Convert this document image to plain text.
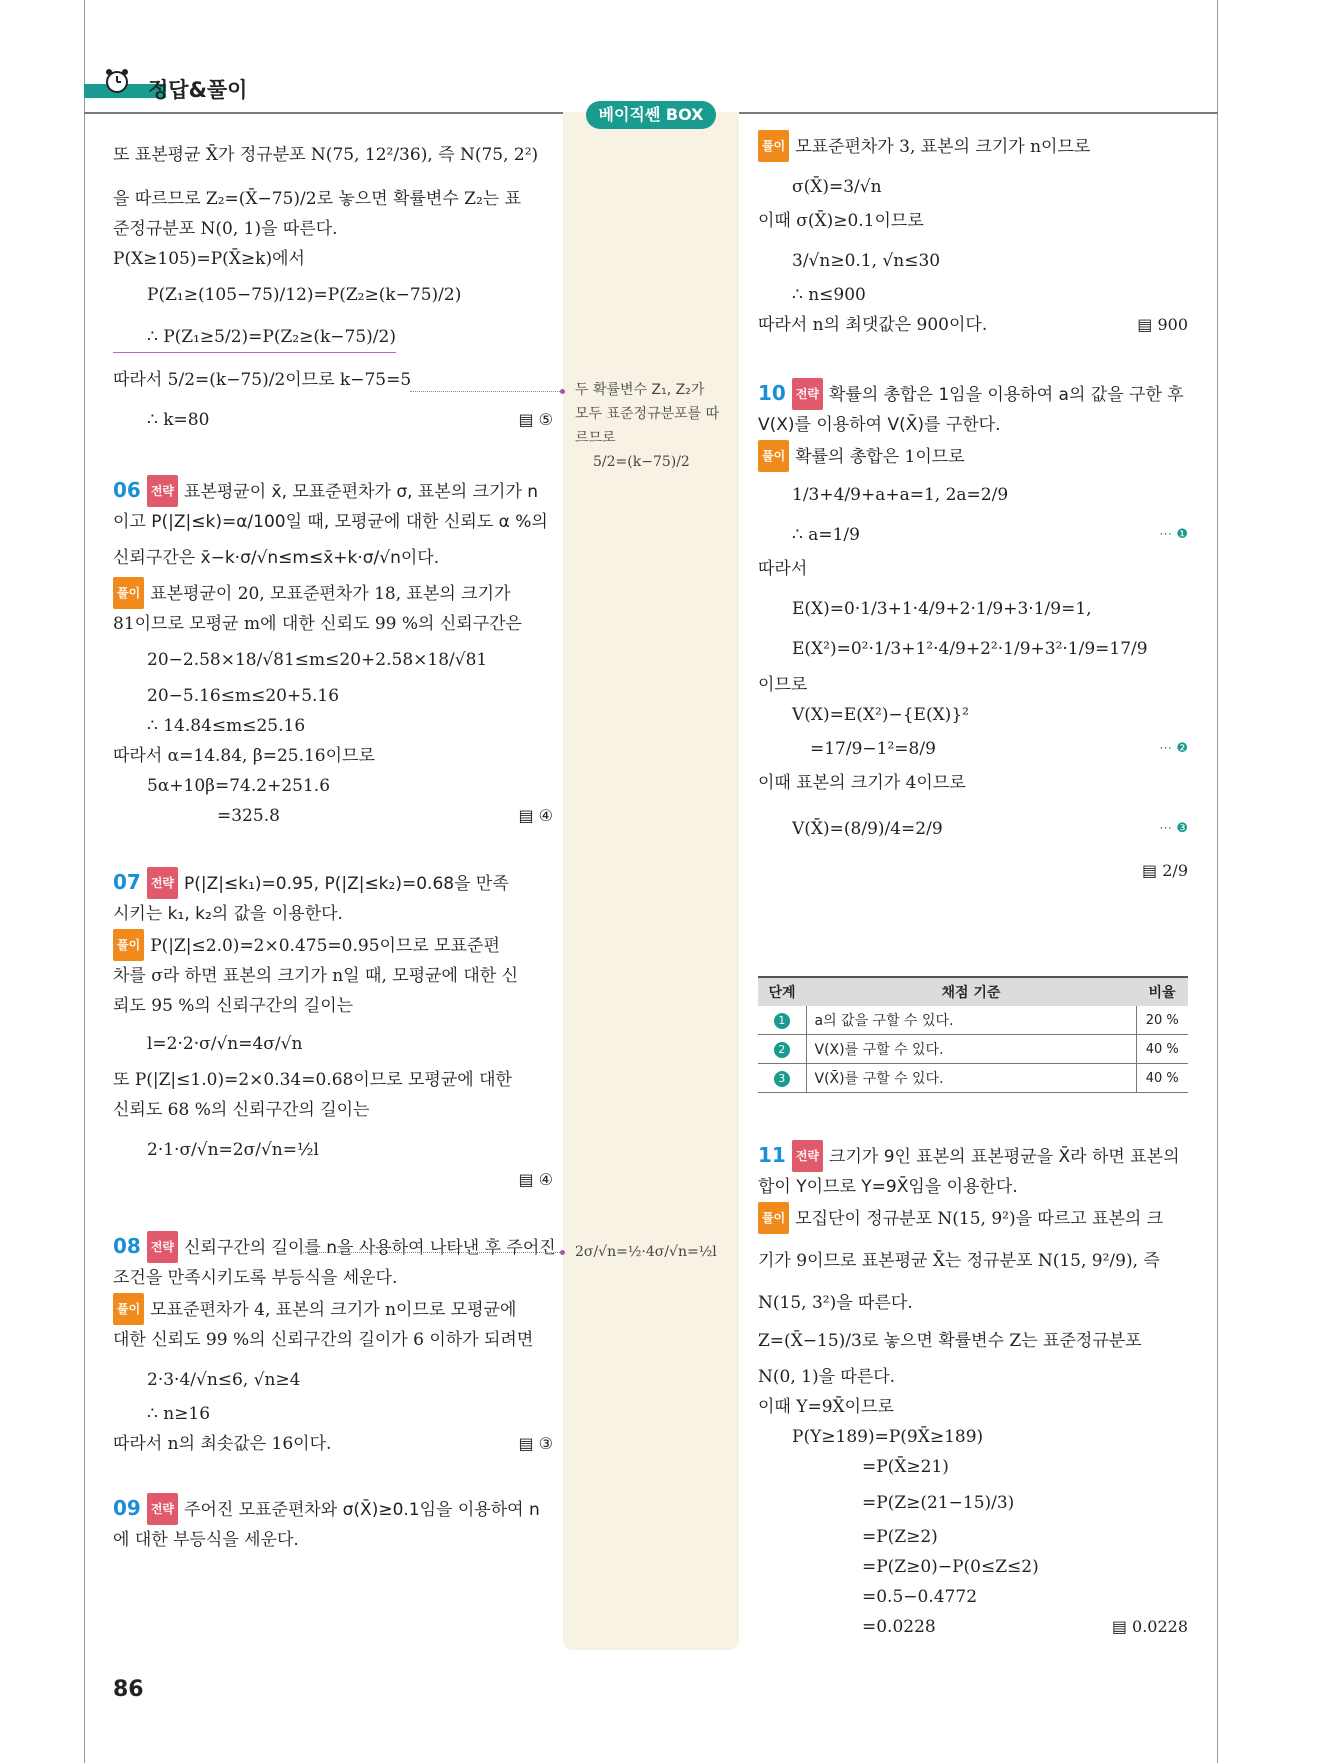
정답&풀이
베이직쎈 BOX

또 표본평균 X̄가 정규분포 N(75, 12²/36), 즉 N(75, 2²)

을 따르므로 Z₂=(X̄−75)/2로 놓으면 확률변수 Z₂는 표

준정규분포 N(0, 1)을 따른다.

P(X≥105)=P(X̄≥k)에서

P(Z₁≥(105−75)/12)=P(Z₂≥(k−75)/2)

∴ P(Z₁≥5/2)=P(Z₂≥(k−75)/2)

따라서 5/2=(k−75)/2이므로 k−75=5

∴ k=80	▤ ⑤

06 전략 표본평균이 x̄, 모표준편차가 σ, 표본의 크기가 n

이고 P(|Z|≤k)=α/100일 때, 모평균에 대한 신뢰도 α %의

신뢰구간은 x̄−k·σ/√n≤m≤x̄+k·σ/√n이다.

풀이 표본평균이 20, 모표준편차가 18, 표본의 크기가

81이므로 모평균 m에 대한 신뢰도 99 %의 신뢰구간은

20−2.58×18/√81≤m≤20+2.58×18/√81

20−5.16≤m≤20+5.16

∴ 14.84≤m≤25.16

따라서 α=14.84, β=25.16이므로

5α+10β=74.2+251.6

=325.8	▤ ④

07 전략 P(|Z|≤k₁)=0.95, P(|Z|≤k₂)=0.68을 만족

시키는 k₁, k₂의 값을 이용한다.

풀이 P(|Z|≤2.0)=2×0.475=0.95이므로 모표준편

차를 σ라 하면 표본의 크기가 n일 때, 모평균에 대한 신

뢰도 95 %의 신뢰구간의 길이는

l=2·2·σ/√n=4σ/√n

또 P(|Z|≤1.0)=2×0.34=0.68이므로 모평균에 대한

신뢰도 68 %의 신뢰구간의 길이는

2·1·σ/√n=2σ/√n=½l

▤ ④

08 전략 신뢰구간의 길이를 n을 사용하여 나타낸 후 주어진

조건을 만족시키도록 부등식을 세운다.

풀이 모표준편차가 4, 표본의 크기가 n이므로 모평균에

대한 신뢰도 99 %의 신뢰구간의 길이가 6 이하가 되려면

2·3·4/√n≤6, √n≥4

∴ n≥16

따라서 n의 최솟값은 16이다.	▤ ③

09 전략 주어진 모표준편차와 σ(X̄)≥0.1임을 이용하여 n

에 대한 부등식을 세운다.

두 확률변수 Z₁, Z₂가
모두 표준정규분포를 따
르므로
5/2=(k−75)/2
2σ/√n=½·4σ/√n=½l

풀이 모표준편차가 3, 표본의 크기가 n이므로

σ(X̄)=3/√n

이때 σ(X̄)≥0.1이므로

3/√n≥0.1, √n≤30

∴ n≤900

따라서 n의 최댓값은 900이다.	▤ 900

10 전략 확률의 총합은 1임을 이용하여 a의 값을 구한 후

V(X)를 이용하여 V(X̄)를 구한다.

풀이 확률의 총합은 1이므로

1/3+4/9+a+a=1, 2a=2/9

∴ a=1/9	⋯ ❶

따라서

E(X)=0·1/3+1·4/9+2·1/9+3·1/9=1,

E(X²)=0²·1/3+1²·4/9+2²·1/9+3²·1/9=17/9

이므로

V(X)=E(X²)−{E(X)}²

=17/9−1²=8/9	⋯ ❷

이때 표본의 크기가 4이므로

V(X̄)=(8/9)/4=2/9	⋯ ❸
▤ 2/9
단계	채점 기준	비율
1	a의 값을 구할 수 있다.	20 %
2	V(X)를 구할 수 있다.	40 %
3	V(X̄)를 구할 수 있다.	40 %

11 전략 크기가 9인 표본의 표본평균을 X̄라 하면 표본의

합이 Y이므로 Y=9X̄임을 이용한다.

풀이 모집단이 정규분포 N(15, 9²)을 따르고 표본의 크

기가 9이므로 표본평균 X̄는 정규분포 N(15, 9²/9), 즉

N(15, 3²)을 따른다.

Z=(X̄−15)/3로 놓으면 확률변수 Z는 표준정규분포

N(0, 1)을 따른다.

이때 Y=9X̄이므로

P(Y≥189)=P(9X̄≥189)

=P(X̄≥21)

=P(Z≥(21−15)/3)

=P(Z≥2)

=P(Z≥0)−P(0≤Z≤2)

=0.5−0.4772

=0.0228	▤ 0.0228
86
